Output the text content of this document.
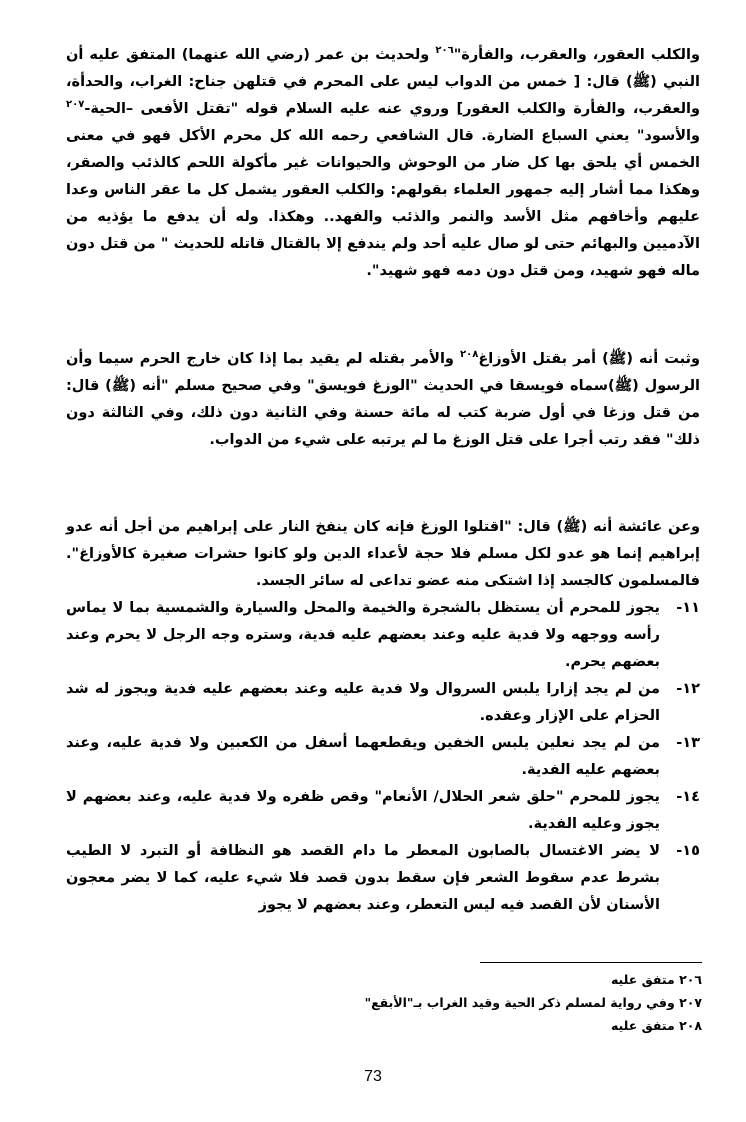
والكلب العقور، والعقرب، والفأرة"$^{٢٠٦}$ ولحديث بن عمر (رضي الله عنهما) المتفق عليه أن النبي (ﷺ) قال: [ خمس من الدواب ليس على المحرم في قتلهن جناح: الغراب، والحدأة، والعقرب، والفأرة والكلب العقور] وروي عنه عليه السلام قوله "تقتل الأفعى –الحية-$^{٢٠٧}$ والأسود" يعني السباع الضارة. قال الشافعي رحمه الله كل محرم الأكل فهو في معنى الخمس أي يلحق بها كل ضار من الوحوش والحيوانات غير مأكولة اللحم كالذئب والصقر، وهكذا مما أشار إليه جمهور العلماء بقولهم: والكلب العقور يشمل كل ما عقر الناس وعدا عليهم وأخافهم مثل الأسد والنمر والذئب والفهد.. وهكذا. وله أن يدفع ما يؤذيه من الآدميين والبهائم حتى لو صال عليه أحد ولم يندفع إلا بالقتال قاتله للحديث " من قتل دون ماله فهو شهيد، ومن قتل دون دمه فهو شهيد".

وثبت أنه (ﷺ) أمر بقتل الأوزاغ$^{٢٠٨}$ والأمر بقتله لم يقيد بما إذا كان خارج الحرم سيما وأن الرسول (ﷺ)سماه فويسقا في الحديث "الوزغ فويسق" وفي صحيح مسلم "أنه (ﷺ) قال: من قتل وزغا في أول ضربة كتب له مائة حسنة وفي الثانية دون ذلك، وفي الثالثة دون ذلك" فقد رتب أجرا على قتل الوزغ ما لم يرتبه على شيء من الدواب.

وعن عائشة أنه (ﷺ) قال: "اقتلوا الوزغ فإنه كان ينفخ النار على إبراهيم من أجل أنه عدو إبراهيم إنما هو عدو لكل مسلم فلا حجة لأعداء الدين ولو كانوا حشرات صغيرة كالأوزاغ". فالمسلمون كالجسد إذا اشتكى منه عضو تداعى له سائر الجسد.

١١-
يجوز للمحرم أن يستظل بالشجرة والخيمة والمحل والسيارة والشمسية بما لا يماس رأسه ووجهه ولا فدية عليه وعند بعضهم عليه فدية، وستره وجه الرجل لا يحرم وعند بعضهم يحرم.
١٢-
من لم يجد إزارا يلبس السروال ولا فدية عليه وعند بعضهم عليه فدية ويجوز له شد الحزام على الإزار وعقده.
١٣-
من لم يجد نعلين يلبس الخفين ويقطعهما أسفل من الكعبين ولا فدية عليه، وعند بعضهم عليه الفدية.
١٤-
يجوز للمحرم "حلق شعر الحلال/ الأنعام" وقص ظفره ولا فدية عليه، وعند بعضهم لا يجوز وعليه الفدية.
١٥-
لا يضر الاغتسال بالصابون المعطر ما دام القصد هو النظافة أو التبرد لا الطيب بشرط عدم سقوط الشعر فإن سقط بدون قصد فلا شيء عليه، كما لا يضر معجون الأسنان لأن القصد فيه ليس التعطر، وعند بعضهم لا يجوز
٢٠٦ متفق عليه
٢٠٧ وفي رواية لمسلم ذكر الحية وقيد الغراب بـ"الأبقع"
٢٠٨ متفق عليه
73
